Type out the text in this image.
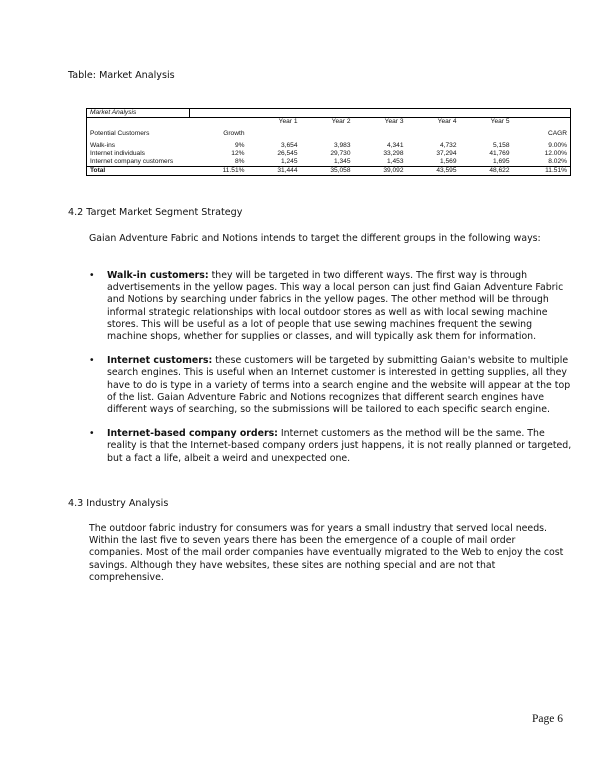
Table: Market Analysis
Market Analysis							
		Year 1	Year 2	Year 3	Year 4	Year 5	

Potential Customers	Growth						CAGR

Walk-ins	9%	3,654	3,983	4,341	4,732	5,158	9.00%
Internet individuals	12%	26,545	29,730	33,298	37,294	41,769	12.00%
Internet company customers	8%	1,245	1,345	1,453	1,569	1,695	8.02%
Total	11.51%	31,444	35,058	39,092	43,595	48,622	11.51%
4.2 Target Market Segment Strategy

Gaian Adventure Fabric and Notions intends to target the different groups in the following ways:

• Walk-in customers: they will be targeted in two different ways. The first way is through advertisements in the yellow pages. This way a local person can just find Gaian Adventure Fabric and Notions by searching under fabrics in the yellow pages. The other method will be through informal strategic relationships with local outdoor stores as well as with local sewing machine stores. This will be useful as a lot of people that use sewing machines frequent the sewing machine shops, whether for supplies or classes, and will typically ask them for information.
• Internet customers: these customers will be targeted by submitting Gaian's website to multiple search engines. This is useful when an Internet customer is interested in getting supplies, all they have to do is type in a variety of terms into a search engine and the website will appear at the top of the list. Gaian Adventure Fabric and Notions recognizes that different search engines have different ways of searching, so the submissions will be tailored to each specific search engine.
• Internet-based company orders: Internet customers as the method will be the same. The reality is that the Internet-based company orders just happens, it is not really planned or targeted, but a fact a life, albeit a weird and unexpected one.
4.3 Industry Analysis

The outdoor fabric industry for consumers was for years a small industry that served local needs. Within the last five to seven years there has been the emergence of a couple of mail order companies. Most of the mail order companies have eventually migrated to the Web to enjoy the cost savings. Although they have websites, these sites are nothing special and are not that comprehensive.

Page 6
